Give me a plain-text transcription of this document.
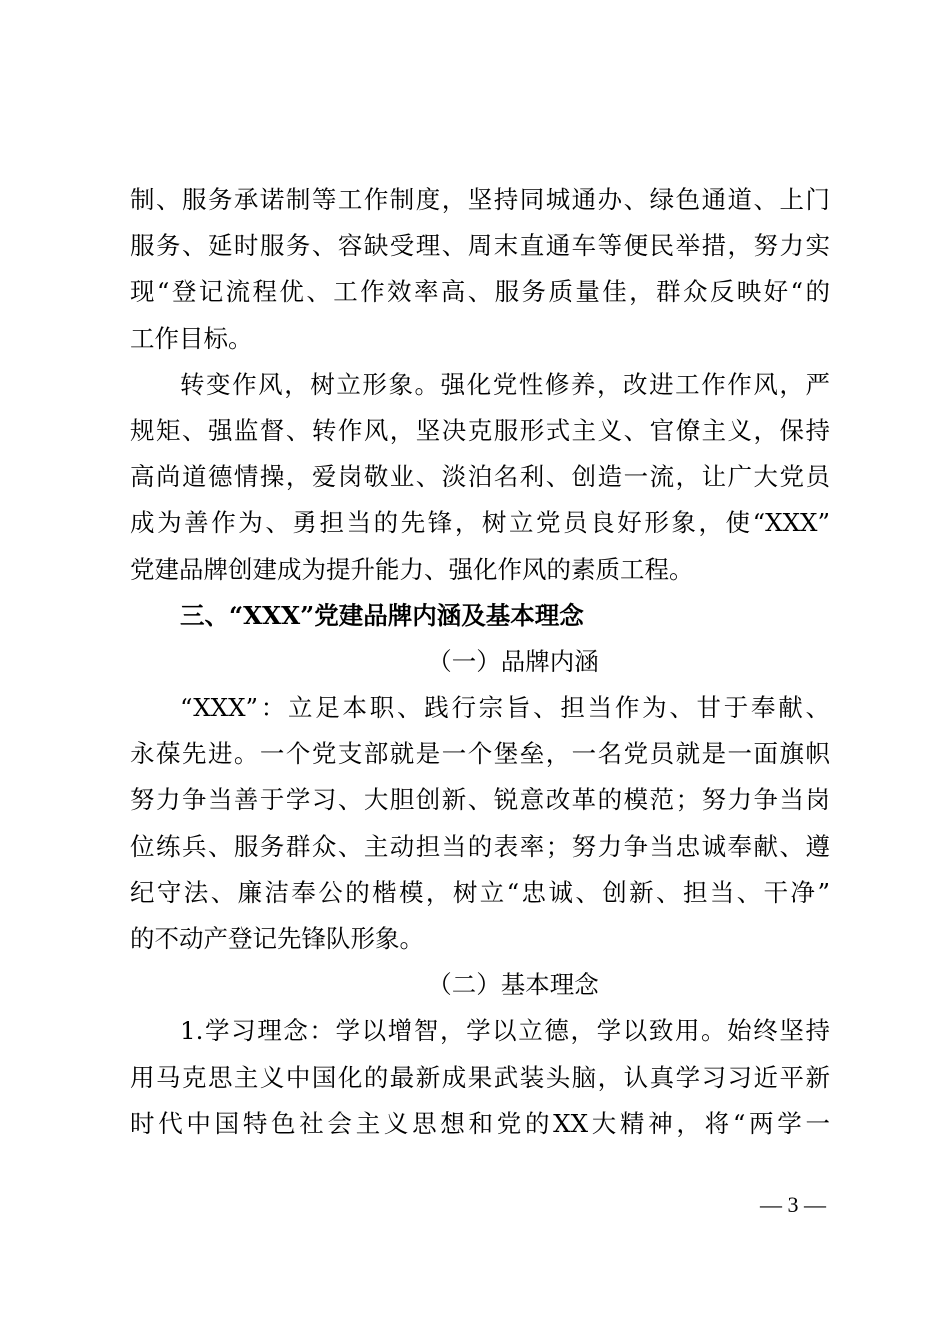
制、服务承诺制等工作制度，坚持同城通办、绿色通道、上门
服务、延时服务、容缺受理、周末直通车等便民举措，努力实
现“登记流程优、工作效率高、服务质量佳，群众反映好“的
工作目标。
转变作风，树立形象。强化党性修养，改进工作作风，严
规矩、强监督、转作风，坚决克服形式主义、官僚主义，保持
高尚道德情操，爱岗敬业、淡泊名利、创造一流，让广大党员
成为善作为、勇担当的先锋，树立党员良好形象，使“XXX”
党建品牌创建成为提升能力、强化作风的素质工程。
三、“XXX”党建品牌内涵及基本理念
（一）品牌内涵
“XXX”：立足本职、践行宗旨、担当作为、甘于奉献、
永葆先进。一个党支部就是一个堡垒，一名党员就是一面旗帜
努力争当善于学习、大胆创新、锐意改革的模范；努力争当岗
位练兵、服务群众、主动担当的表率；努力争当忠诚奉献、遵
纪守法、廉洁奉公的楷模，树立“忠诚、创新、担当、干净”
的不动产登记先锋队形象。
（二）基本理念
1.学习理念：学以增智，学以立德，学以致用。始终坚持
用马克思主义中国化的最新成果武装头脑，认真学习习近平新
时代中国特色社会主义思想和党的XX大精神，将“两学一
— 3 —
